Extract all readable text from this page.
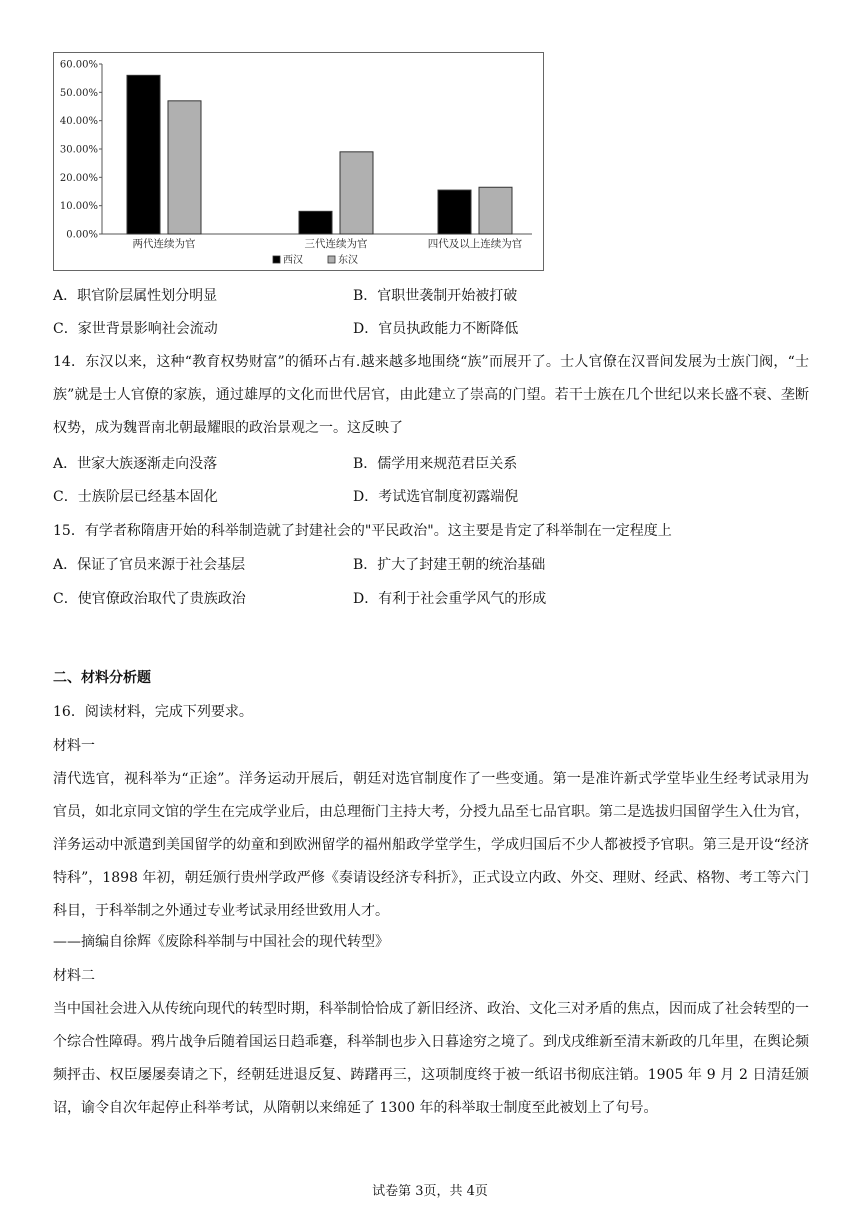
60.00%
50.00%
40.00%
30.00%
20.00%
10.00%
0.00%
两代连续为官	三代连续为官	四代及以上连续为官
西汉	东汉
A．职官阶层属性划分明显	B．官职世袭制开始被打破
C．家世背景影响社会流动	D．官员执政能力不断降低
14．东汉以来，这种“教育权势财富”的循环占有.越来越多地围绕“族”而展开了。士人官僚在汉晋间发展为士族门阀，“士族”就是士人官僚的家族，通过雄厚的文化而世代居官，由此建立了崇高的门望。若干士族在几个世纪以来长盛不衰、垄断权势，成为魏晋南北朝最耀眼的政治景观之一。这反映了
A．世家大族逐渐走向没落	B．儒学用来规范君臣关系
C．士族阶层已经基本固化	D．考试选官制度初露端倪
15．有学者称隋唐开始的科举制造就了封建社会的"平民政治"。这主要是肯定了科举制在一定程度上
A．保证了官员来源于社会基层	B．扩大了封建王朝的统治基础
C．使官僚政治取代了贵族政治	D．有利于社会重学风气的形成
二、材料分析题
16．阅读材料，完成下列要求。
材料一
清代选官，视科举为“正途”。洋务运动开展后，朝廷对选官制度作了一些变通。第一是准许新式学堂毕业生经考试录用为官员，如北京同文馆的学生在完成学业后，由总理衙门主持大考，分授九品至七品官职。第二是选拔归国留学生入仕为官，洋务运动中派遣到美国留学的幼童和到欧洲留学的福州船政学堂学生，学成归国后不少人都被授予官职。第三是开设“经济特科”，1898 年初，朝廷颁行贵州学政严修《奏请设经济专科折》，正式设立内政、外交、理财、经武、格物、考工等六门科目，于科举制之外通过专业考试录用经世致用人才。
——摘编自徐辉《废除科举制与中国社会的现代转型》
材料二
当中国社会进入从传统向现代的转型时期，科举制恰恰成了新旧经济、政治、文化三对矛盾的焦点，因而成了社会转型的一个综合性障碍。鸦片战争后随着国运日趋乖蹇，科举制也步入日暮途穷之境了。到戊戌维新至清末新政的几年里，在舆论频频抨击、权臣屡屡奏请之下，经朝廷进退反复、踌躇再三，这项制度终于被一纸诏书彻底注销。1905 年 9 月 2 日清廷颁诏，谕令自次年起停止科举考试，从隋朝以来绵延了 1300 年的科举取士制度至此被划上了句号。
试卷第 3页，共 4页
